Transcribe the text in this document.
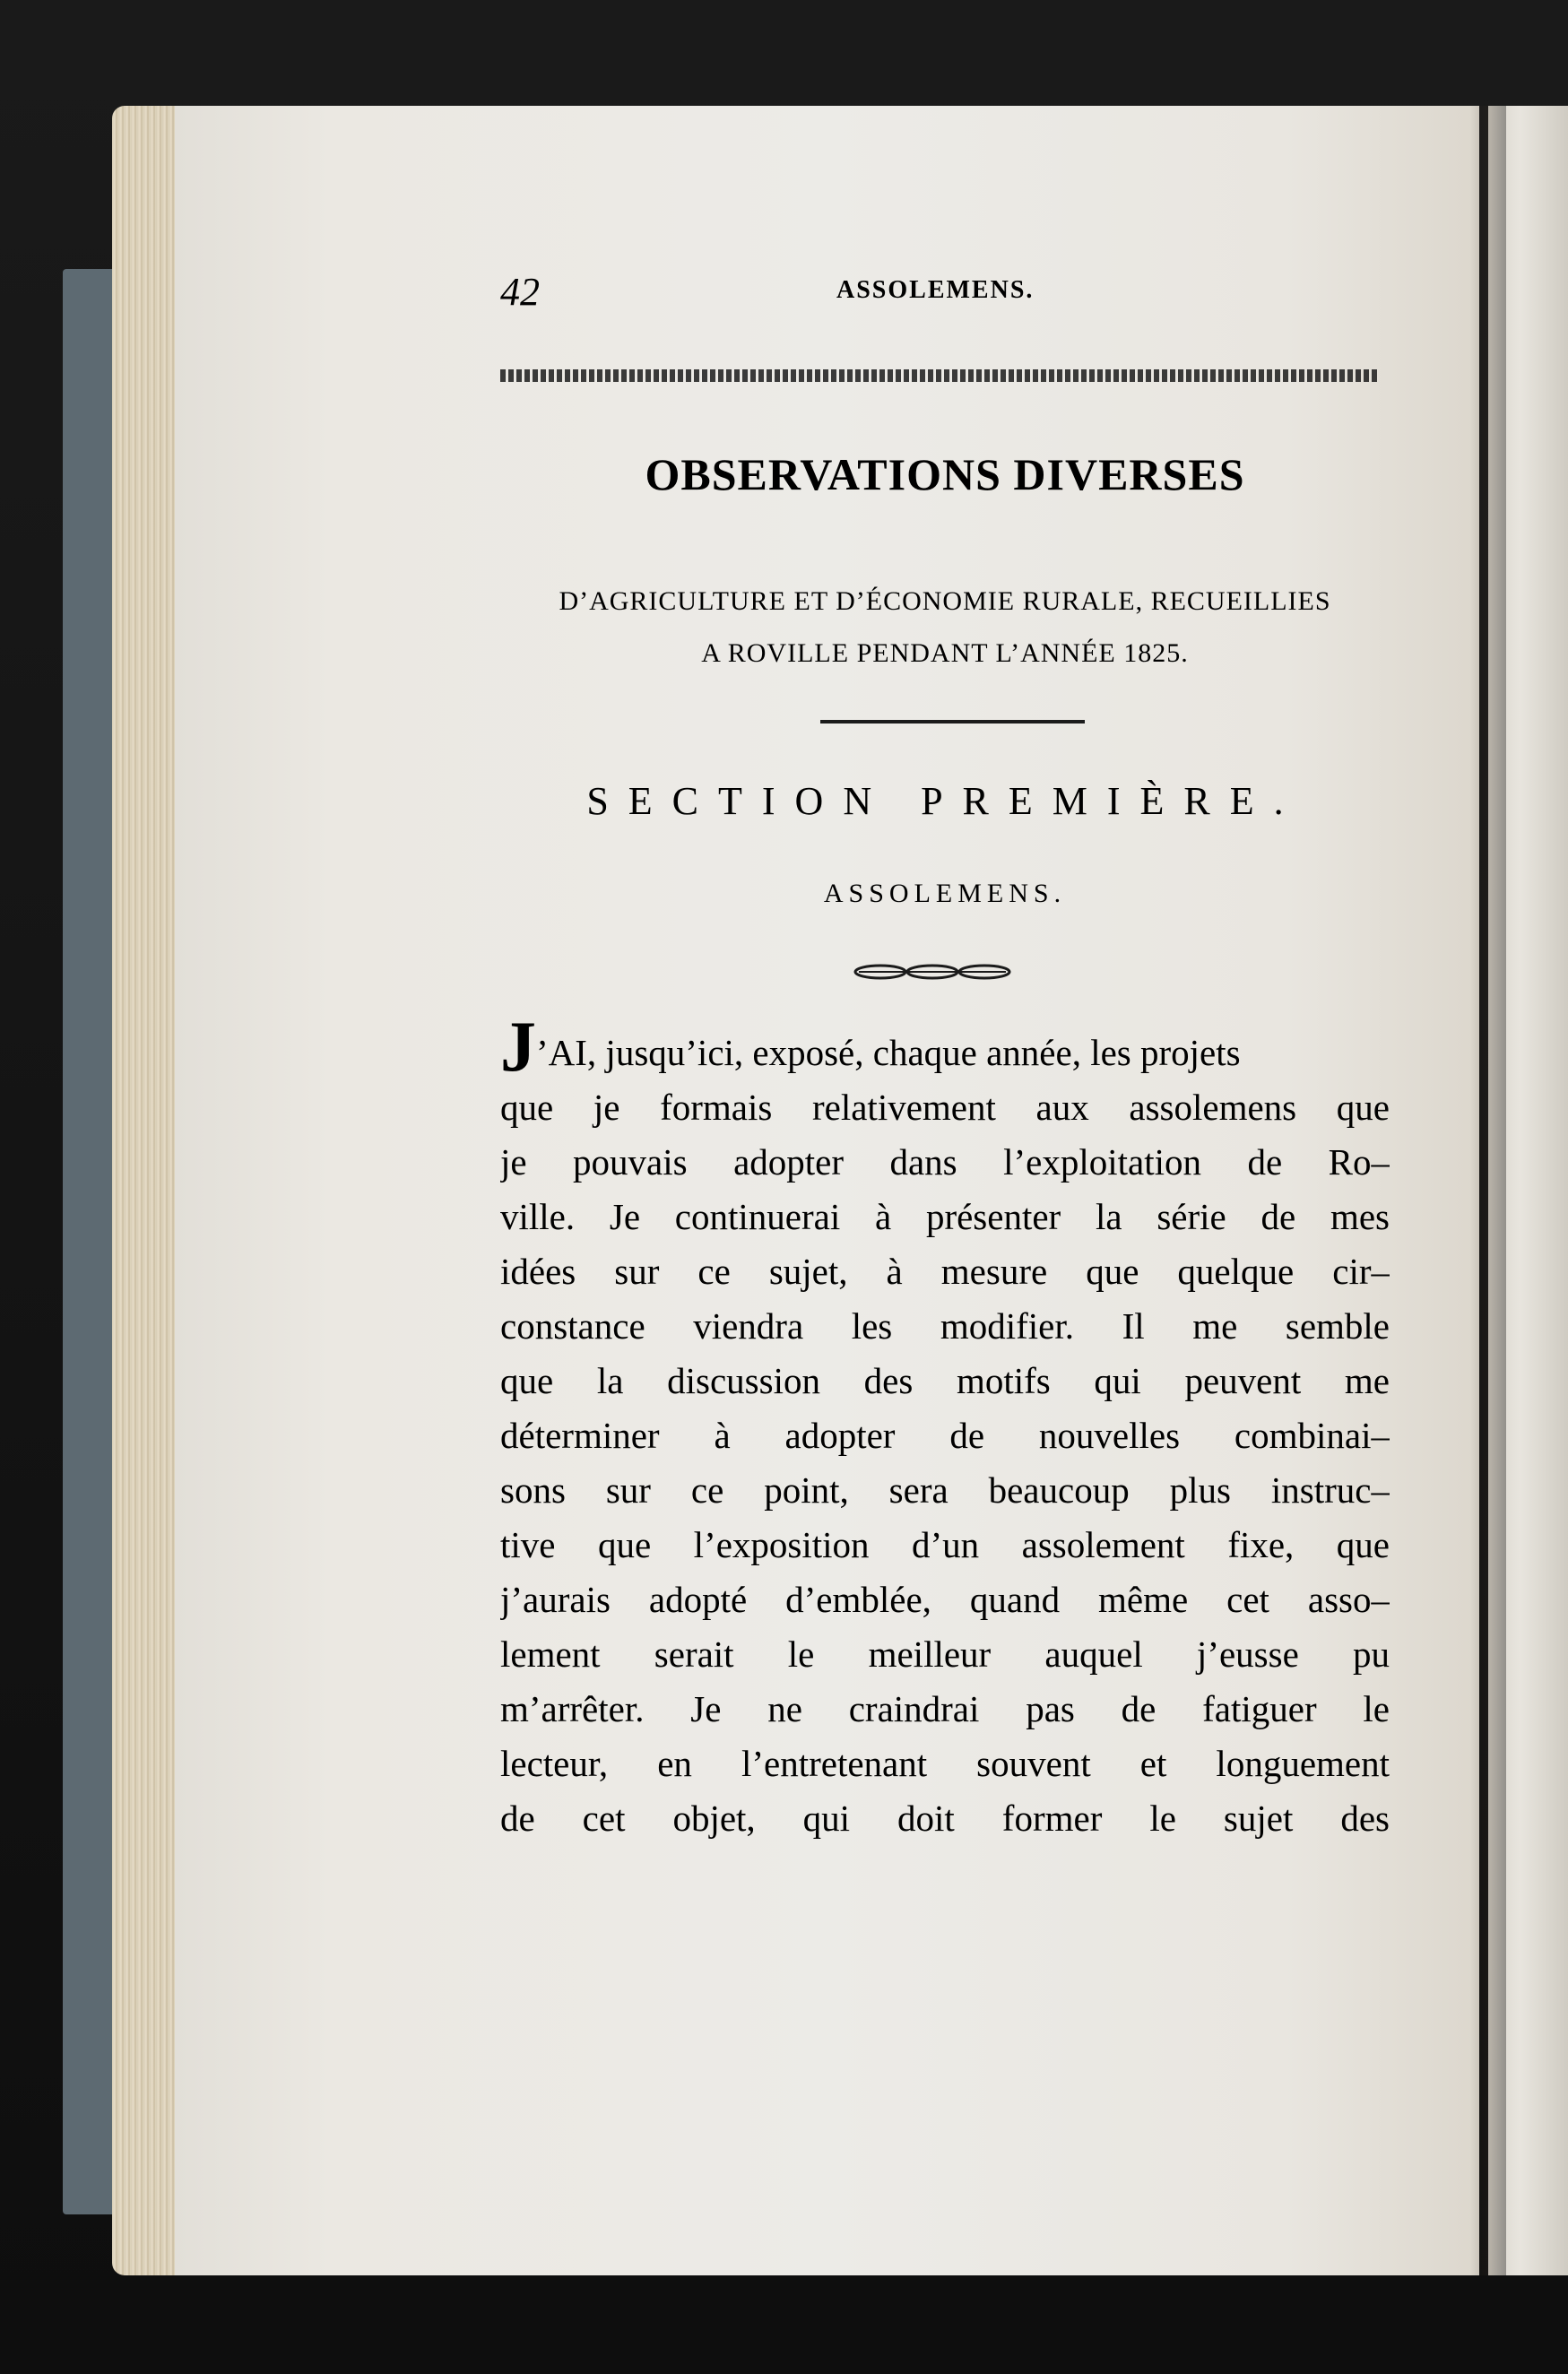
42	ASSOLEMENS.
OBSERVATIONS DIVERSES
D’AGRICULTURE ET D’ÉCONOMIE RURALE, RECUEILLIES
A ROVILLE PENDANT L’ANNÉE 1825.
SECTION PREMIÈRE.
ASSOLEMENS.
J’AI, jusqu’ici, exposé, chaque année, les projets
que je formais relativement aux assolemens que
je pouvais adopter dans l’exploitation de Ro–
ville. Je continuerai à présenter la série de mes
idées sur ce sujet, à mesure que quelque cir–
constance viendra les modifier. Il me semble
que la discussion des motifs qui peuvent me
déterminer à adopter de nouvelles combinai–
sons sur ce point, sera beaucoup plus instruc–
tive que l’exposition d’un assolement fixe, que
j’aurais adopté d’emblée, quand même cet asso–
lement serait le meilleur auquel j’eusse pu
m’arrêter. Je ne craindrai pas de fatiguer le
lecteur, en l’entretenant souvent et longuement
de cet objet, qui doit former le sujet des
